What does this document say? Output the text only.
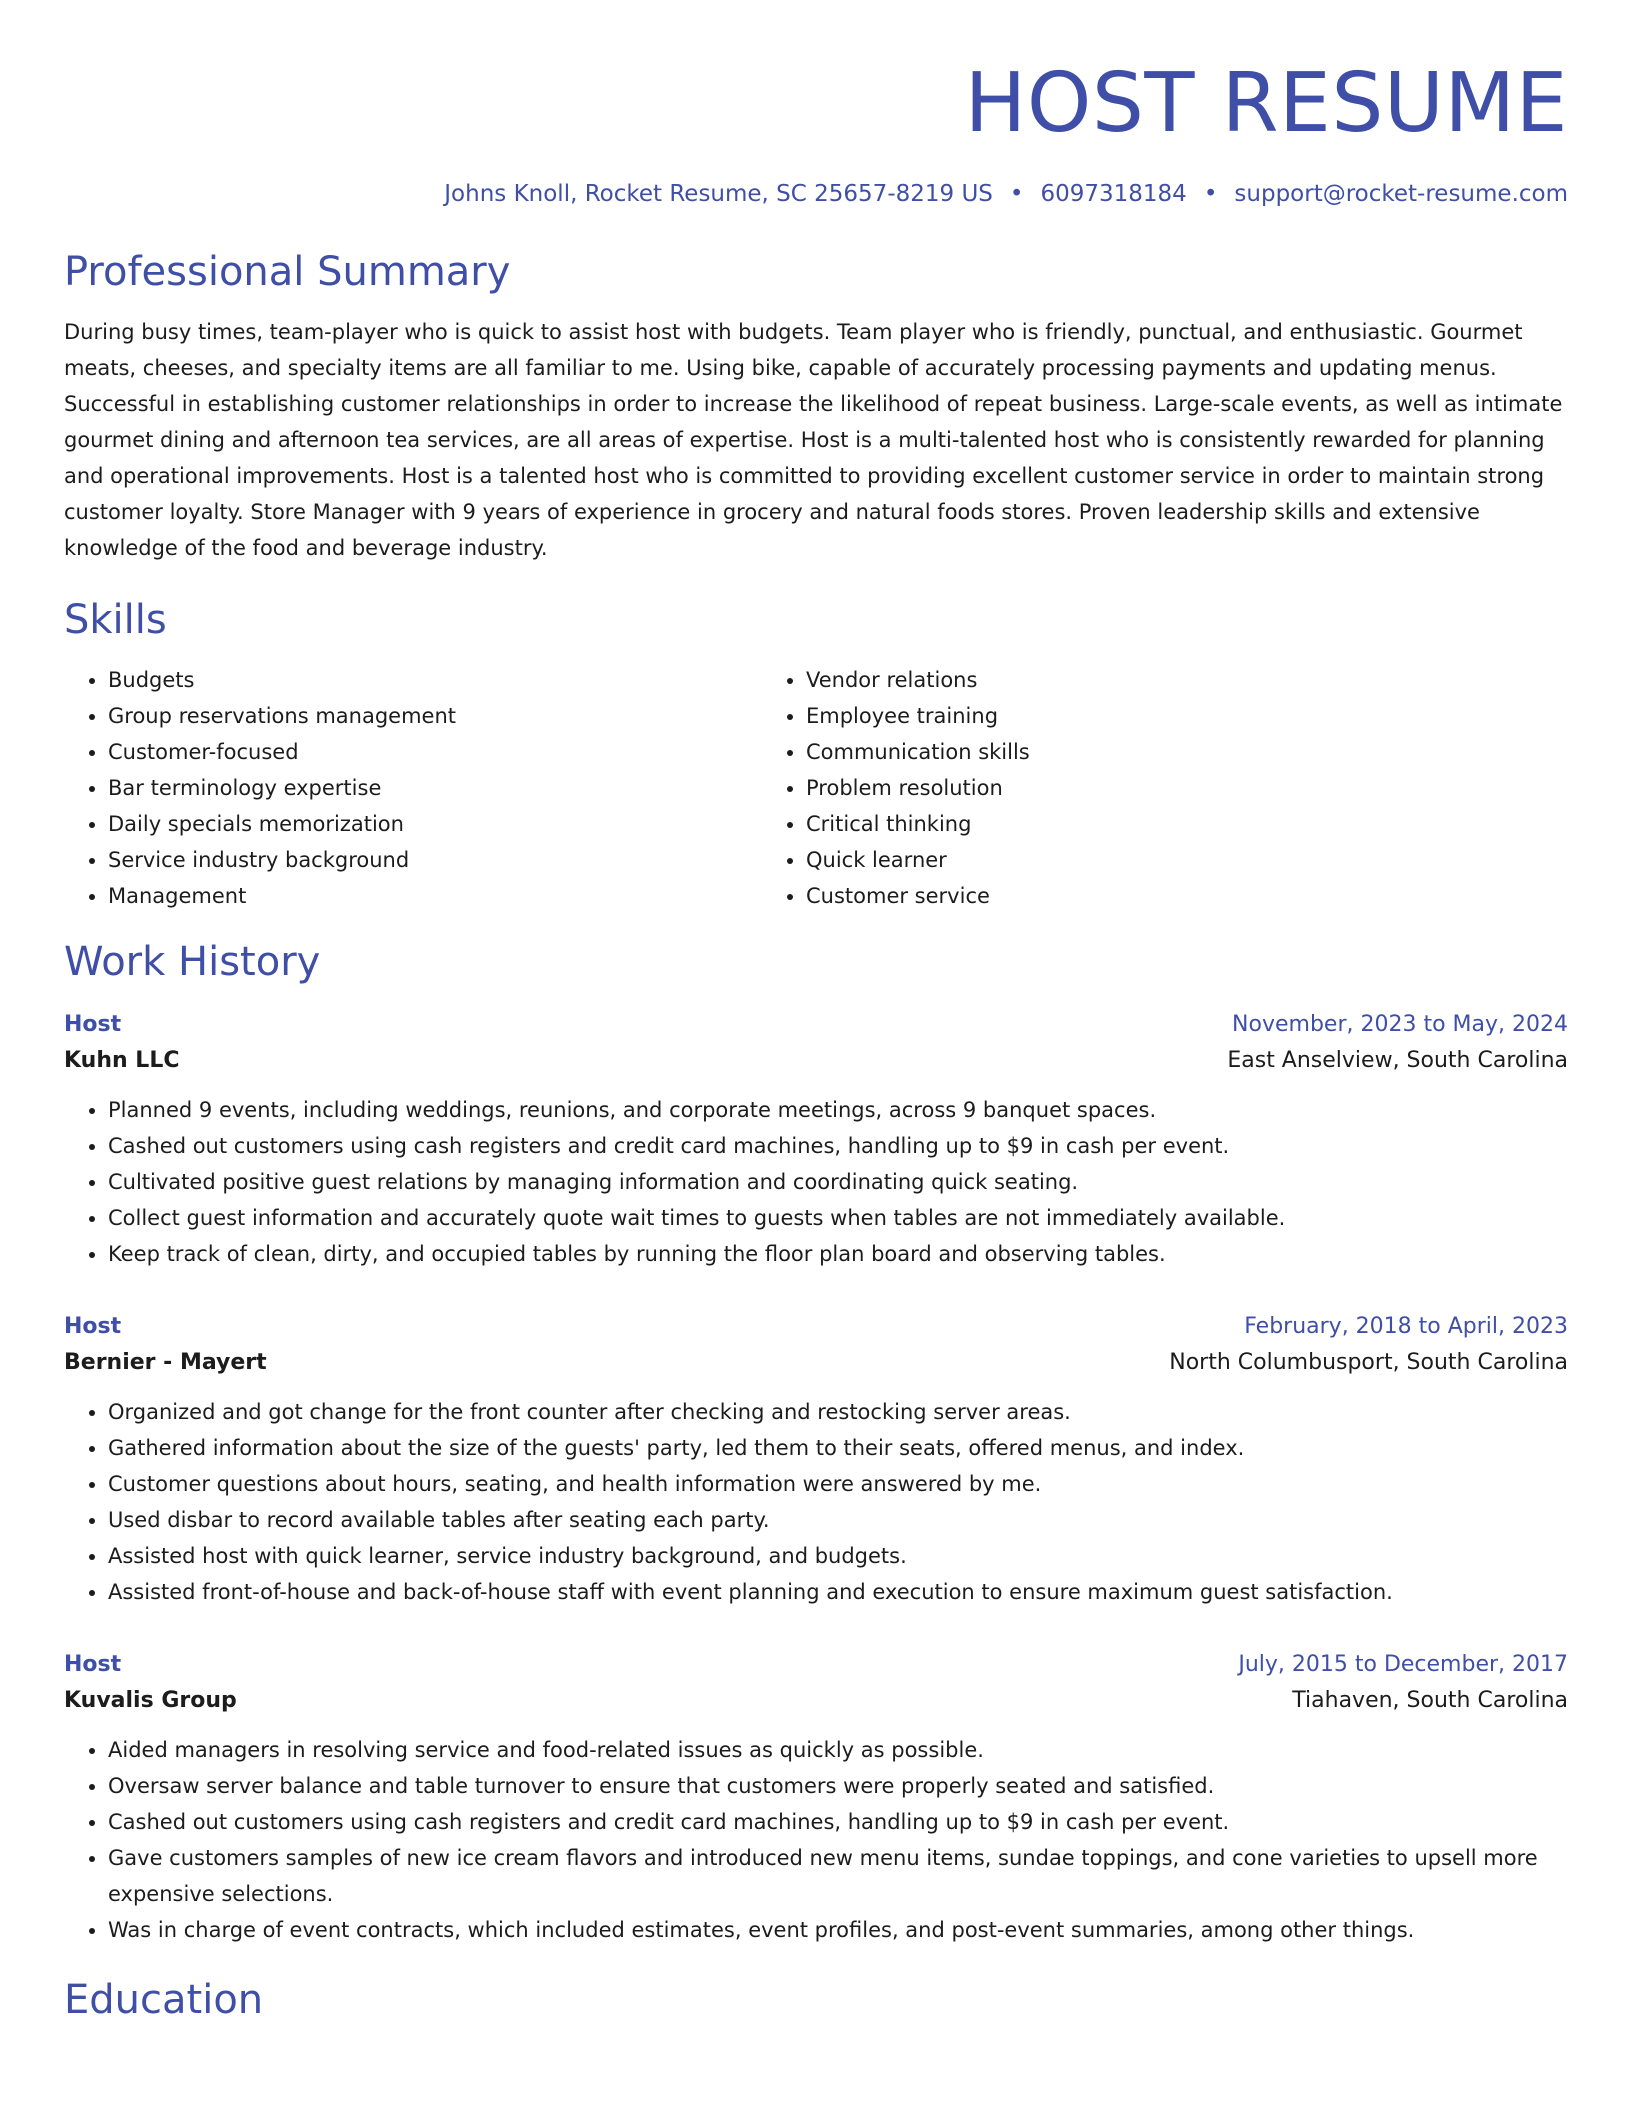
HOST RESUME
Johns Knoll, Rocket Resume, SC 25657-8219 US • 6097318184 • support@rocket-resume.com
Professional Summary

During busy times, team-player who is quick to assist host with budgets. Team player who is friendly, punctual, and enthusiastic. Gourmet meats, cheeses, and specialty items are all familiar to me. Using bike, capable of accurately processing payments and updating menus. Successful in establishing customer relationships in order to increase the likelihood of repeat business. Large-scale events, as well as intimate gourmet dining and afternoon tea services, are all areas of expertise. Host is a multi-talented host who is consistently rewarded for planning and operational improvements. Host is a talented host who is committed to providing excellent customer service in order to maintain strong customer loyalty. Store Manager with 9 years of experience in grocery and natural foods stores. Proven leadership skills and extensive knowledge of the food and beverage industry.

Skills
• Budgets
• Group reservations management
• Customer-focused
• Bar terminology expertise
• Daily specials memorization
• Service industry background
• Management
• Vendor relations
• Employee training
• Communication skills
• Problem resolution
• Critical thinking
• Quick learner
• Customer service
Work History
Host	November, 2023 to May, 2024
Kuhn LLC	East Anselview, South Carolina
• Planned 9 events, including weddings, reunions, and corporate meetings, across 9 banquet spaces.
• Cashed out customers using cash registers and credit card machines, handling up to $9 in cash per event.
• Cultivated positive guest relations by managing information and coordinating quick seating.
• Collect guest information and accurately quote wait times to guests when tables are not immediately available.
• Keep track of clean, dirty, and occupied tables by running the floor plan board and observing tables.
Host	February, 2018 to April, 2023
Bernier - Mayert	North Columbusport, South Carolina
• Organized and got change for the front counter after checking and restocking server areas.
• Gathered information about the size of the guests' party, led them to their seats, offered menus, and index.
• Customer questions about hours, seating, and health information were answered by me.
• Used disbar to record available tables after seating each party.
• Assisted host with quick learner, service industry background, and budgets.
• Assisted front-of-house and back-of-house staff with event planning and execution to ensure maximum guest satisfaction.
Host	July, 2015 to December, 2017
Kuvalis Group	Tiahaven, South Carolina
• Aided managers in resolving service and food-related issues as quickly as possible.
• Oversaw server balance and table turnover to ensure that customers were properly seated and satisfied.
• Cashed out customers using cash registers and credit card machines, handling up to $9 in cash per event.
• Gave customers samples of new ice cream flavors and introduced new menu items, sundae toppings, and cone varieties to upsell more expensive selections.
• Was in charge of event contracts, which included estimates, event profiles, and post-event summaries, among other things.
Education
